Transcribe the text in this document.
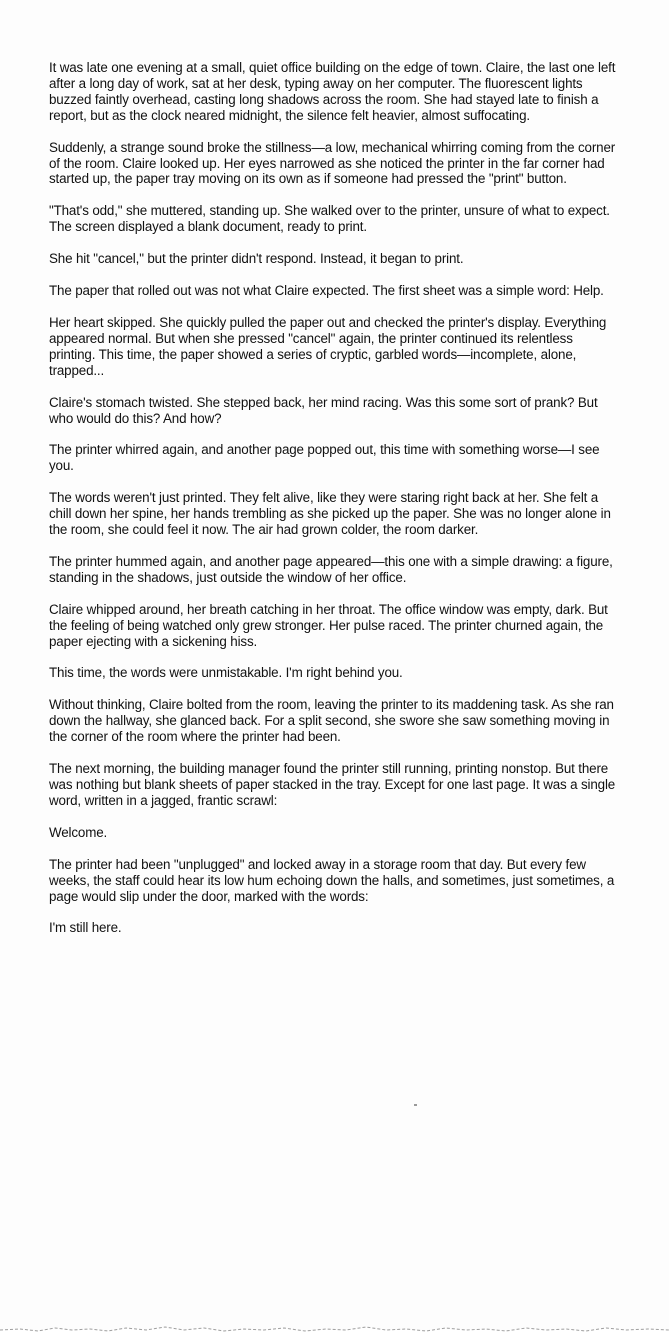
It was late one evening at a small, quiet office building on the edge of town. Claire, the last one left after a long day of work, sat at her desk, typing away on her computer. The fluorescent lights buzzed faintly overhead, casting long shadows across the room. She had stayed late to finish a report, but as the clock neared midnight, the silence felt heavier, almost suffocating.

Suddenly, a strange sound broke the stillness—a low, mechanical whirring coming from the corner of the room. Claire looked up. Her eyes narrowed as she noticed the printer in the far corner had started up, the paper tray moving on its own as if someone had pressed the "print" button.

"That's odd," she muttered, standing up. She walked over to the printer, unsure of what to expect. The screen displayed a blank document, ready to print.

She hit "cancel," but the printer didn't respond. Instead, it began to print.

The paper that rolled out was not what Claire expected. The first sheet was a simple word: Help.

Her heart skipped. She quickly pulled the paper out and checked the printer's display. Everything appeared normal. But when she pressed "cancel" again, the printer continued its relentless printing. This time, the paper showed a series of cryptic, garbled words—incomplete, alone, trapped...

Claire's stomach twisted. She stepped back, her mind racing. Was this some sort of prank? But who would do this? And how?

The printer whirred again, and another page popped out, this time with something worse—I see you.

The words weren't just printed. They felt alive, like they were staring right back at her. She felt a chill down her spine, her hands trembling as she picked up the paper. She was no longer alone in the room, she could feel it now. The air had grown colder, the room darker.

The printer hummed again, and another page appeared—this one with a simple drawing: a figure, standing in the shadows, just outside the window of her office.

Claire whipped around, her breath catching in her throat. The office window was empty, dark. But the feeling of being watched only grew stronger. Her pulse raced. The printer churned again, the paper ejecting with a sickening hiss.

This time, the words were unmistakable. I'm right behind you.

Without thinking, Claire bolted from the room, leaving the printer to its maddening task. As she ran down the hallway, she glanced back. For a split second, she swore she saw something moving in the corner of the room where the printer had been.

The next morning, the building manager found the printer still running, printing nonstop. But there was nothing but blank sheets of paper stacked in the tray. Except for one last page. It was a single word, written in a jagged, frantic scrawl:

Welcome.

The printer had been "unplugged" and locked away in a storage room that day. But every few weeks, the staff could hear its low hum echoing down the halls, and sometimes, just sometimes, a page would slip under the door, marked with the words:

I'm still here.
